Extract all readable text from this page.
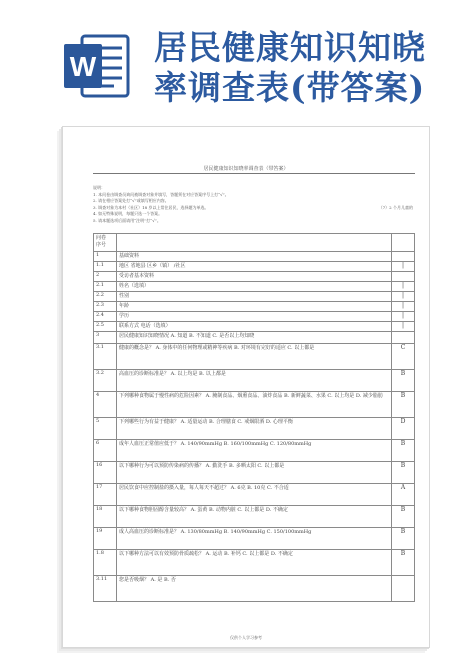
W 居民健康知识知晓
率调查表(带答案)
居民健康知识知晓率调查表（带答案）
说明：
1. 本问卷由调查员询问被调查对象并填写，答题须在对应答案序号上打“√”。
2. 请在相应答案处打“√”或填写相应内容。
3. 调查对象为本村（社区）18 岁以上常住居民，选择题为单选。
4. 如无特殊说明，每题只选一个答案。
5. 请本题选项后面请用“注明”打“√”。
（7）2 个月儿童的
问卷
序号		
1	基础资料	
1.1	地区 省地县 区乡（镇） /社区	|
2	受访者基本资料	
2.1	姓名（选填）	|
2.2	性别	|
2.3	年龄	|
2.4	学历	|
2.5	联系方式 电话（选填）	|
3	居民健康知识知晓情况 A. 知道 B. 不知道 C. 是否以上均知晓	
3.1	健康的概念是？ A. 身体中的任何物理或精神等疾病 B. 对环境有完好的适应 C. 以上都是	C
3.2	高血压的诊断标准是？ A. 以上均是 B. 以上都是	B
4	下列哪种食物属于慢性病的危险因素？ A. 腌制食品、烟熏食品、油炸食品 B. 新鲜蔬菜、水果 C. 以上均是 D. 减少脂肪	B
5	下列哪些行为有益于健康？ A. 适量运动 B. 合理膳食 C. 戒烟限酒 D. 心理平衡	D
6	成年人血压正常值应低于？ A. 140/90mmHg B. 160/100mmHg C. 120/80mmHg	B
16	以下哪种行为可以预防传染病的传播？ A. 勤洗手 B. 多晒太阳 C. 以上都是	B
17	居民饮食中应控制盐的摄入量，每人每天不超过？ A. 6克 B. 10克 C. 不合适	A
18	以下哪种食物胆固醇含量较高？ A. 蛋黄 B. 动物内脏 C. 以上都是 D. 不确定	B
19	成人高血压的诊断标准是？ A. 130/80mmHg B. 140/90mmHg C. 150/100mmHg	B
1.8	以下哪种方法可以有效预防骨质疏松？ A. 运动 B. 补钙 C. 以上都是 D. 不确定	B
3.11	您是否吸烟？ A. 是 B. 否	
仅供个人学习参考
